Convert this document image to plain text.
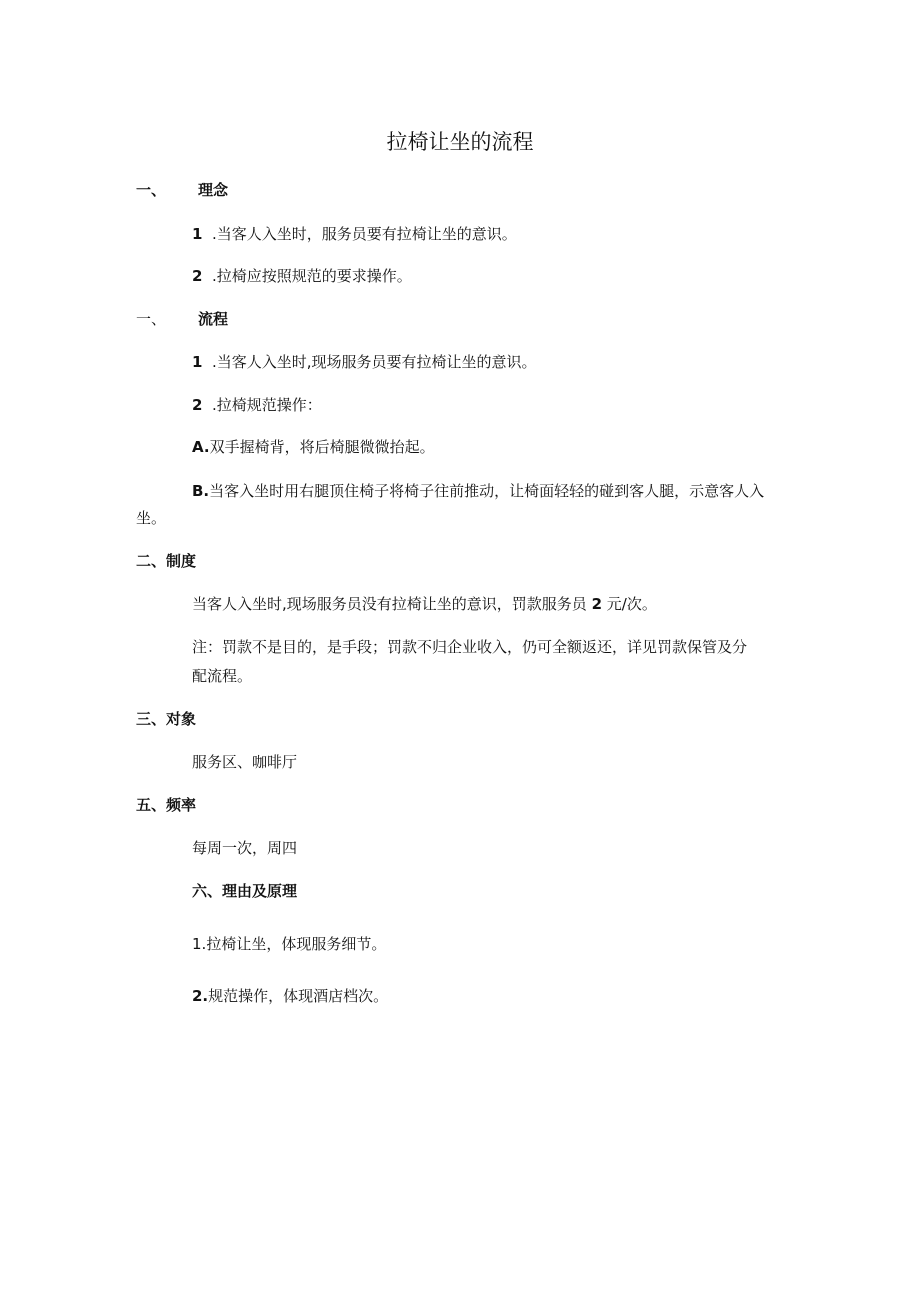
拉椅让坐的流程
一、 理念
1 .当客人入坐时，服务员要有拉椅让坐的意识。
2 .拉椅应按照规范的要求操作。
一、 流程
1 .当客人入坐时,现场服务员要有拉椅让坐的意识。
2 .拉椅规范操作：
A.双手握椅背，将后椅腿微微抬起。
B.当客入坐时用右腿顶住椅子将椅子往前推动，让椅面轻轻的碰到客人腿，示意客人入
坐。
二、制度
当客人入坐时,现场服务员没有拉椅让坐的意识，罚款服务员 2 元/次。
注：罚款不是目的，是手段；罚款不归企业收入，仍可全额返还，详见罚款保管及分
配流程。
三、对象
服务区、咖啡厅
五、频率
每周一次，周四
六、理由及原理
1.拉椅让坐，体现服务细节。
2.规范操作，体现酒店档次。
